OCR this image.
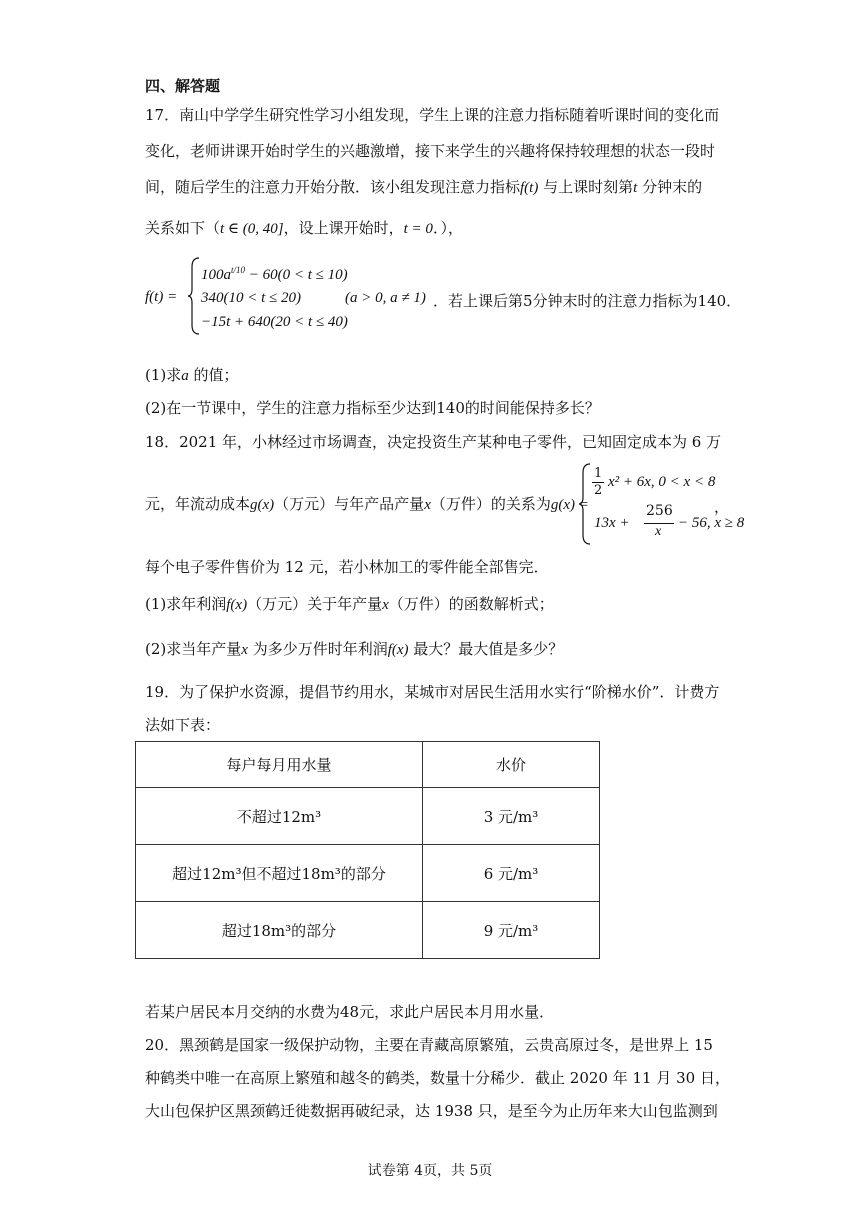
四、解答题
17．南山中学学生研究性学习小组发现，学生上课的注意力指标随着听课时间的变化而
变化，老师讲课开始时学生的兴趣激增，接下来学生的兴趣将保持较理想的状态一段时
间，随后学生的注意力开始分散．该小组发现注意力指标f(t) 与上课时刻第t 分钟末的
关系如下（t ∈ (0, 40]，设上课开始时，t = 0．），
f(t) =
$100a^{t/10} - 60(0 < t \le 10)$
340(10 < t ≤ 20)
−15t + 640(20 < t ≤ 40)
(a > 0, a ≠ 1) ．若上课后第5分钟末时的注意力指标为140．
(1)求a 的值；
(2)在一节课中，学生的注意力指标至少达到140的时间能保持多长？
18．2021 年，小林经过市场调查，决定投资生产某种电子零件，已知固定成本为 6 万
元，年流动成本g(x)（万元）与年产品产量x（万件）的关系为g(x) =
1
2
x² + 6x, 0 < x < 8
13x +
256
x
− 56, x ≥ 8
，
每个电子零件售价为 12 元，若小林加工的零件能全部售完．
(1)求年利润f(x)（万元）关于年产量x（万件）的函数解析式；
(2)求当年产量x 为多少万件时年利润f(x) 最大？最大值是多少？
19．为了保护水资源，提倡节约用水，某城市对居民生活用水实行“阶梯水价”．计费方
法如下表：
每户每月用水量	水价
不超过12m³	3 元/m³
超过12m³但不超过18m³的部分	6 元/m³
超过18m³的部分	9 元/m³
若某户居民本月交纳的水费为48元，求此户居民本月用水量．
20．黑颈鹤是国家一级保护动物，主要在青藏高原繁殖，云贵高原过冬，是世界上 15
种鹤类中唯一在高原上繁殖和越冬的鹤类，数量十分稀少．截止 2020 年 11 月 30 日，
大山包保护区黑颈鹤迁徙数据再破纪录，达 1938 只，是至今为止历年来大山包监测到
试卷第 4页，共 5页
